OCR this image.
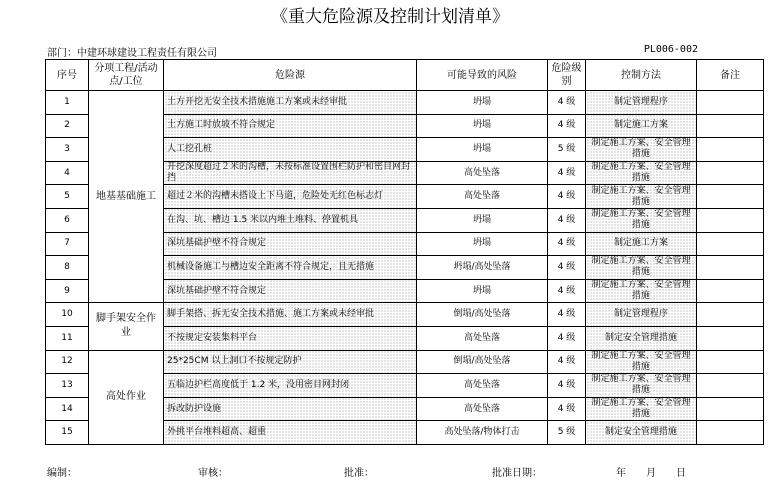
《重大危险源及控制计划清单》
部门：中建环球建设工程责任有限公司	PL006-002
序号	分项工程/活动点/工位	危险源	可能导致的风险	危险级别	控制方法	备注
1	地基基础施工	土方开挖无安全技术措施施工方案或未经审批	坍塌	4 级	制定管理程序	
2		土方施工时放坡不符合规定	坍塌	4 级	制定施工方案	
3		人工挖孔桩	坍塌	5 级	制定施工方案、安全管理措施	
4		开挖深度超过２米的沟槽，未按标准设置围栏防护和密目网封挡	高处坠落	4 级	制定施工方案、安全管理措施	
5		超过２米的沟槽未搭设上下马道，危险处无红色标志灯	高处坠落	4 级	制定施工方案、安全管理措施	
6		在沟、坑、槽边 1.5 米以内堆土堆料、停置机具	坍塌	4 级	制定施工方案、安全管理措施	
7		深坑基础护壁不符合规定	坍塌	4 级	制定施工方案	
8		机械设备施工与槽边安全距离不符合规定，且无措施	坍塌/高处坠落	4 级	制定施工方案、安全管理措施	
9		深坑基础护壁不符合规定	坍塌	4 级	制定施工方案、安全管理措施	
10	脚手架安全作业	脚手架搭、拆无安全技术措施、施工方案或未经审批	倒塌/高处坠落	4 级	制定管理程序	
11		不按规定安装集料平台	高处坠落	4 级	制定安全管理措施	
12	高处作业	25*25CM 以上洞口不按规定防护	倒塌/高处坠落	4 级	制定施工方案、安全管理措施	
13		五临边护栏高度低于 1.2 米，没用密目网封闭	高处坠落	4 级	制定施工方案、安全管理措施	
14		拆改防护设施	高处坠落	4 级	制定施工方案、安全管理措施	
15		外挑平台堆料超高、超重	高处坠落/物体打击	5 级	制定安全管理措施	
编制：	审核：	批准：	批准日期：	年　　月　　日
